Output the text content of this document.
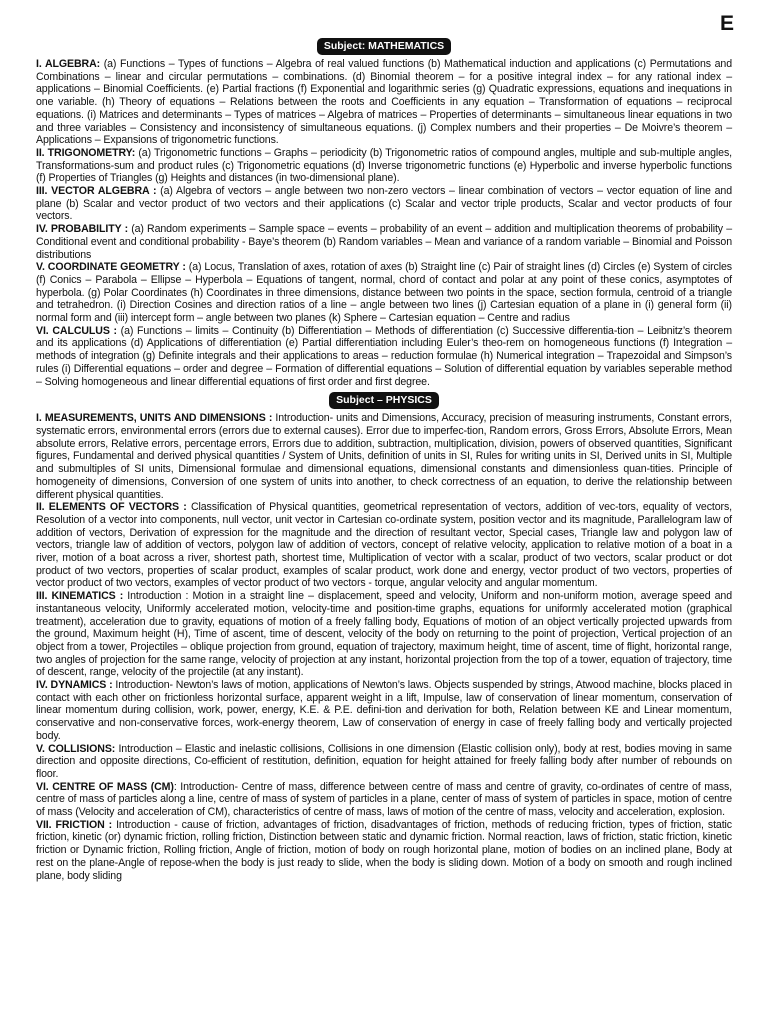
E
Subject: MATHEMATICS

I. ALGEBRA: (a) Functions – Types of functions – Algebra of real valued functions (b) Mathematical induction and applications (c) Permutations and Combinations – linear and circular permutations – combinations. (d) Binomial theorem – for a positive integral index – for any rational index – applications – Binomial Coefficients. (e) Partial fractions (f) Exponential and logarithmic series (g) Quadratic expressions, equations and inequations in one variable. (h) Theory of equations – Relations between the roots and Coefficients in any equation – Transformation of equations – reciprocal equations. (i) Matrices and determinants – Types of matrices – Algebra of matrices – Properties of determinants – simultaneous linear equations in two and three variables – Consistency and inconsistency of simultaneous equations. (j) Complex numbers and their properties – De Moivre’s theorem – Applications – Expansions of trigonometric functions.

II. TRIGONOMETRY: (a) Trigonometric functions – Graphs – periodicity (b) Trigonometric ratios of compound angles, multiple and sub-multiple angles, Transformations-sum and product rules (c) Trigonometric equations (d) Inverse trigonometric functions (e) Hyperbolic and inverse hyperbolic functions (f) Properties of Triangles (g) Heights and distances (in two-dimensional plane).

III. VECTOR ALGEBRA : (a) Algebra of vectors – angle between two non-zero vectors – linear combination of vectors – vector equation of line and plane (b) Scalar and vector product of two vectors and their applications (c) Scalar and vector triple products, Scalar and vector products of four vectors.

IV. PROBABILITY : (a) Random experiments – Sample space – events – probability of an event – addition and multiplication theorems of probability – Conditional event and conditional probability - Baye’s theorem (b) Random variables – Mean and variance of a random variable – Binomial and Poisson distributions

V. COORDINATE GEOMETRY : (a) Locus, Translation of axes, rotation of axes (b) Straight line (c) Pair of straight lines (d) Circles (e) System of circles (f) Conics – Parabola – Ellipse – Hyperbola – Equations of tangent, normal, chord of contact and polar at any point of these conics, asymptotes of hyperbola. (g) Polar Coordinates (h) Coordinates in three dimensions, distance between two points in the space, section formula, centroid of a triangle and tetrahedron. (i) Direction Cosines and direction ratios of a line – angle between two lines (j) Cartesian equation of a plane in (i) general form (ii) normal form and (iii) intercept form – angle between two planes (k) Sphere – Cartesian equation – Centre and radius

VI. CALCULUS : (a) Functions – limits – Continuity (b) Differentiation – Methods of differentiation (c) Successive differentia-tion – Leibnitz’s theorem and its applications (d) Applications of differentiation (e) Partial differentiation including Euler’s theo-rem on homogeneous functions (f) Integration – methods of integration (g) Definite integrals and their applications to areas – reduction formulae (h) Numerical integration – Trapezoidal and Simpson’s rules (i) Differential equations – order and degree – Formation of differential equations – Solution of differential equation by variables seperable method – Solving homogeneous and linear differential equations of first order and first degree.

Subject – PHYSICS

I. MEASUREMENTS, UNITS AND DIMENSIONS : Introduction- units and Dimensions, Accuracy, precision of measuring instruments, Constant errors, systematic errors, environmental errors (errors due to external causes). Error due to imperfec-tion, Random errors, Gross Errors, Absolute Errors, Mean absolute errors, Relative errors, percentage errors, Errors due to addition, subtraction, multiplication, division, powers of observed quantities, Significant figures, Fundamental and derived physical quantities / System of Units, definition of units in SI, Rules for writing units in SI, Derived units in SI, Multiple and submultiples of SI units, Dimensional formulae and dimensional equations, dimensional constants and dimensionless quan-tities. Principle of homogeneity of dimensions, Conversion of one system of units into another, to check correctness of an equation, to derive the relationship between different physical quantities.

II. ELEMENTS OF VECTORS : Classification of Physical quantities, geometrical representation of vectors, addition of vec-tors, equality of vectors, Resolution of a vector into components, null vector, unit vector in Cartesian co-ordinate system, position vector and its magnitude, Parallelogram law of addition of vectors, Derivation of expression for the magnitude and the direction of resultant vector, Special cases, Triangle law and polygon law of vectors, triangle law of addition of vectors, polygon law of addition of vectors, concept of relative velocity, application to relative motion of a boat in a river, motion of a boat across a river, shortest path, shortest time, Multiplication of vector with a scalar, product of two vectors, scalar product or dot product of two vectors, properties of scalar product, examples of scalar product, work done and energy, vector product of two vectors, properties of vector product of two vectors, examples of vector product of two vectors - torque, angular velocity and angular momentum.

III. KINEMATICS : Introduction : Motion in a straight line – displacement, speed and velocity, Uniform and non-uniform motion, average speed and instantaneous velocity, Uniformly accelerated motion, velocity-time and position-time graphs, equations for uniformly accelerated motion (graphical treatment), acceleration due to gravity, equations of motion of a freely falling body, Equations of motion of an object vertically projected upwards from the ground, Maximum height (H), Time of ascent, time of descent, velocity of the body on returning to the point of projection, Vertical projection of an object from a tower, Projectiles – oblique projection from ground, equation of trajectory, maximum height, time of ascent, time of flight, horizontal range, two angles of projection for the same range, velocity of projection at any instant, horizontal projection from the top of a tower, equation of trajectory, time of descent, range, velocity of the projectile (at any instant).

IV. DYNAMICS : Introduction- Newton’s laws of motion, applications of Newton’s laws. Objects suspended by strings, Atwood machine, blocks placed in contact with each other on frictionless horizontal surface, apparent weight in a lift, Impulse, law of conservation of linear momentum, conservation of linear momentum during collision, work, power, energy, K.E. & P.E. defini-tion and derivation for both, Relation between KE and Linear momentum, conservative and non-conservative forces, work-energy theorem, Law of conservation of energy in case of freely falling body and vertically projected body.

V. COLLISIONS: Introduction – Elastic and inelastic collisions, Collisions in one dimension (Elastic collision only), body at rest, bodies moving in same direction and opposite directions, Co-efficient of restitution, definition, equation for height attained for freely falling body after number of rebounds on floor.

VI. CENTRE OF MASS (CM): Introduction- Centre of mass, difference between centre of mass and centre of gravity, co-ordinates of centre of mass, centre of mass of particles along a line, centre of mass of system of particles in a plane, center of mass of system of particles in space, motion of centre of mass (Velocity and acceleration of CM), characteristics of centre of mass, laws of motion of the centre of mass, velocity and acceleration, explosion.

VII. FRICTION : Introduction - cause of friction, advantages of friction, disadvantages of friction, methods of reducing friction, types of friction, static friction, kinetic (or) dynamic friction, rolling friction, Distinction between static and dynamic friction. Normal reaction, laws of friction, static friction, kinetic friction or Dynamic friction, Rolling friction, Angle of friction, motion of body on rough horizontal plane, motion of bodies on an inclined plane, Body at rest on the plane-Angle of repose-when the body is just ready to slide, when the body is sliding down. Motion of a body on smooth and rough inclined plane, body sliding
